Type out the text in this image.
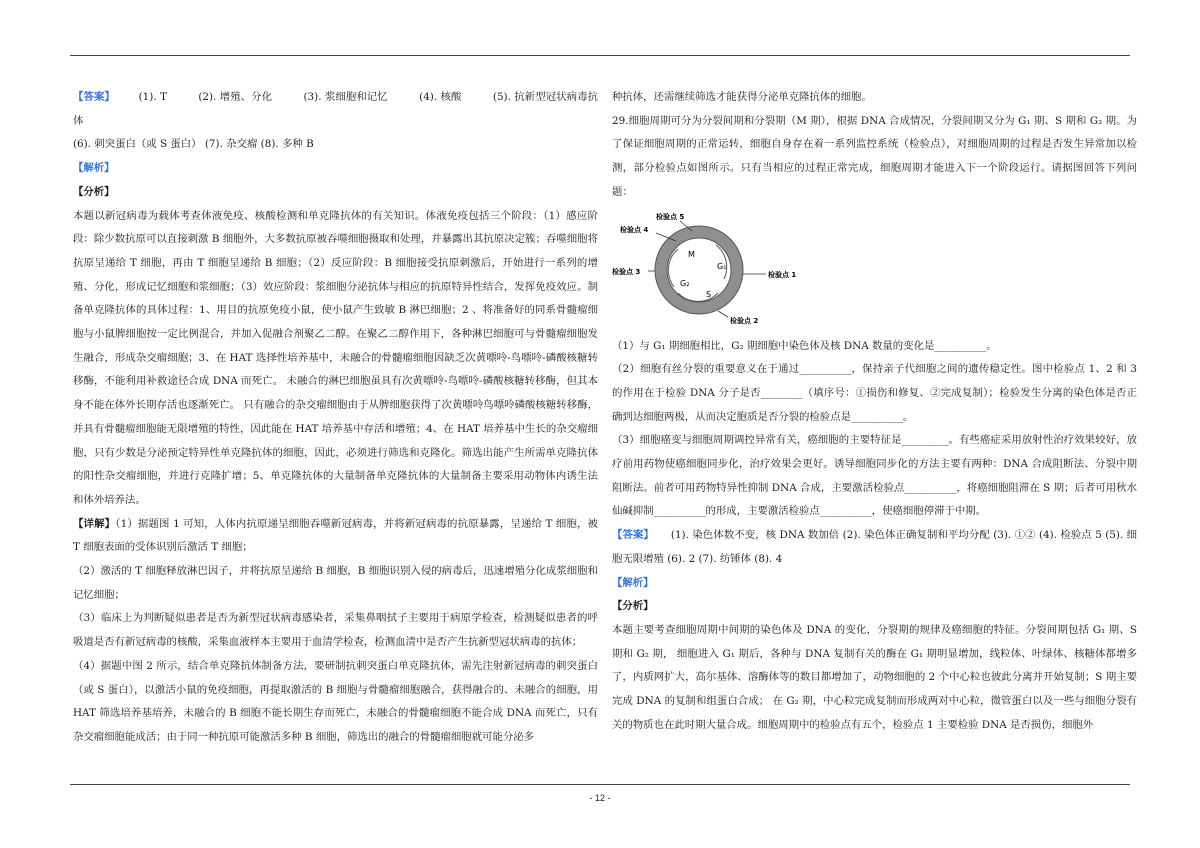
【答案】 (1). T	(2). 增殖、分化	(3). 浆细胞和记忆	(4). 核酸	(5). 抗新型冠状病毒抗体

(6). 刺突蛋白（或 S 蛋白） (7). 杂交瘤 (8). 多种 B

【解析】

【分析】

本题以新冠病毒为载体考查体液免疫、核酸检测和单克隆抗体的有关知识。体液免疫包括三个阶段：（1）感应阶段：除少数抗原可以直接刺激 B 细胞外，大多数抗原被吞噬细胞摄取和处理，并暴露出其抗原决定簇；吞噬细胞将抗原呈递给 T 细胞，再由 T 细胞呈递给 B 细胞；（2）反应阶段：B 细胞接受抗原刺激后，开始进行一系列的增殖、分化，形成记忆细胞和浆细胞；（3）效应阶段：浆细胞分泌抗体与相应的抗原特异性结合，发挥免疫效应。制备单克隆抗体的具体过程：1、用目的抗原免疫小鼠，使小鼠产生致敏 B 淋巴细胞；2 、将准备好的同系骨髓瘤细胞与小鼠脾细胞按一定比例混合，并加入促融合剂聚乙二醇。在聚乙二醇作用下，各种淋巴细胞可与骨髓瘤细胞发生融合，形成杂交瘤细胞；3、在 HAT 选择性培养基中，未融合的骨髓瘤细胞因缺乏次黄嘌呤-鸟嘌呤-磷酸核糖转移酶，不能利用补救途径合成 DNA 而死亡。 未融合的淋巴细胞虽具有次黄嘌呤-鸟嘌呤-磷酸核糖转移酶，但其本身不能在体外长期存活也逐渐死亡。 只有融合的杂交瘤细胞由于从脾细胞获得了次黄嘌呤鸟嘌呤磷酸核糖转移酶，并具有骨髓瘤细胞能无限增殖的特性，因此能在 HAT 培养基中存活和增殖；4、在 HAT 培养基中生长的杂交瘤细胞，只有少数是分泌预定特异性单克隆抗体的细胞，因此，必须进行筛选和克隆化。筛选出能产生所需单克隆抗体的阳性杂交瘤细胞，并进行克隆扩增；5、单克隆抗体的大量制备单克隆抗体的大量制备主要采用动物体内诱生法和体外培养法。

【详解】（1）据题图 1 可知，人体内抗原递呈细胞吞噬新冠病毒，并将新冠病毒的抗原暴露，呈递给 T 细胞，被 T 细胞表面的受体识别后激活 T 细胞；

（2）激活的 T 细胞释放淋巴因子，并将抗原呈递给 B 细胞，B 细胞识别入侵的病毒后，迅速增殖分化成浆细胞和记忆细胞；

（3）临床上为判断疑似患者是否为新型冠状病毒感染者，采集鼻咽拭子主要用于病原学检查，检测疑似患者的呼吸道是否有新冠病毒的核酸，采集血液样本主要用于血清学检查，检测血清中是否产生抗新型冠状病毒的抗体；

（4）据题中图 2 所示，结合单克隆抗体制备方法，要研制抗刺突蛋白单克隆抗体，需先注射新冠病毒的刺突蛋白（或 S 蛋白），以激活小鼠的免疫细胞，再提取激活的 B 细胞与骨髓瘤细胞融合，获得融合的、未融合的细胞，用 HAT 筛选培养基培养，未融合的 B 细胞不能长期生存而死亡，未融合的骨髓瘤细胞不能合成 DNA 而死亡，只有杂交瘤细胞能成活；由于同一种抗原可能激活多种 B 细胞，筛选出的融合的骨髓瘤细胞就可能分泌多

种抗体，还需继续筛选才能获得分泌单克隆抗体的细胞。

29.细胞周期可分为分裂间期和分裂期（M 期），根据 DNA 合成情况，分裂间期又分为 G₁ 期、S 期和 G₂ 期。为了保证细胞周期的正常运转，细胞自身存在着一系列监控系统（检验点），对细胞周期的过程是否发生异常加以检测，部分检验点如图所示。只有当相应的过程正常完成，细胞周期才能进入下一个阶段运行。请据图回答下列问题：

M
G₁
S
G₂
检验点 5
检验点 4
检验点 3	检验点 1
检验点 2

（1）与 G₁ 期细胞相比，G₂ 期细胞中染色体及核 DNA 数量的变化是__________。

（2）细胞有丝分裂的重要意义在于通过__________，保持亲子代细胞之间的遗传稳定性。图中检验点 1、2 和 3 的作用在于检验 DNA 分子是否________（填序号：①损伤和修复、②完成复制）；检验发生分离的染色体是否正确到达细胞两极，从而决定胞质是否分裂的检验点是__________。

（3）细胞癌变与细胞周期调控异常有关，癌细胞的主要特征是_________。有些癌症采用放射性治疗效果较好，放疗前用药物使癌细胞同步化，治疗效果会更好。诱导细胞同步化的方法主要有两种：DNA 合成阻断法、分裂中期阻断法。前者可用药物特异性抑制 DNA 合成，主要激活检验点__________，将癌细胞阻滞在 S 期；后者可用秋水仙碱抑制__________的形成，主要激活检验点__________，使癌细胞停滞于中期。

【答案】 (1). 染色体数不变，核 DNA 数加倍 (2). 染色体正确复制和平均分配 (3). ①② (4). 检验点 5 (5). 细胞无限增殖 (6). 2 (7). 纺锤体 (8). 4

【解析】

【分析】

本题主要考查细胞周期中间期的染色体及 DNA 的变化，分裂期的规律及癌细胞的特征。分裂间期包括 G₁ 期、S 期和 G₂ 期， 细胞进入 G₁ 期后，各种与 DNA 复制有关的酶在 G₁ 期明显增加，线粒体、叶绿体、核糖体都增多了，内质网扩大，高尔基体、溶酶体等的数目都增加了，动物细胞的 2 个中心粒也彼此分离并开始复制；S 期主要完成 DNA 的复制和组蛋白合成； 在 G₂ 期，中心粒完成复制而形成两对中心粒，微管蛋白以及一些与细胞分裂有关的物质也在此时期大量合成。细胞周期中的检验点有五个，检验点 1 主要检验 DNA 是否损伤，细胞外

- 12 -
